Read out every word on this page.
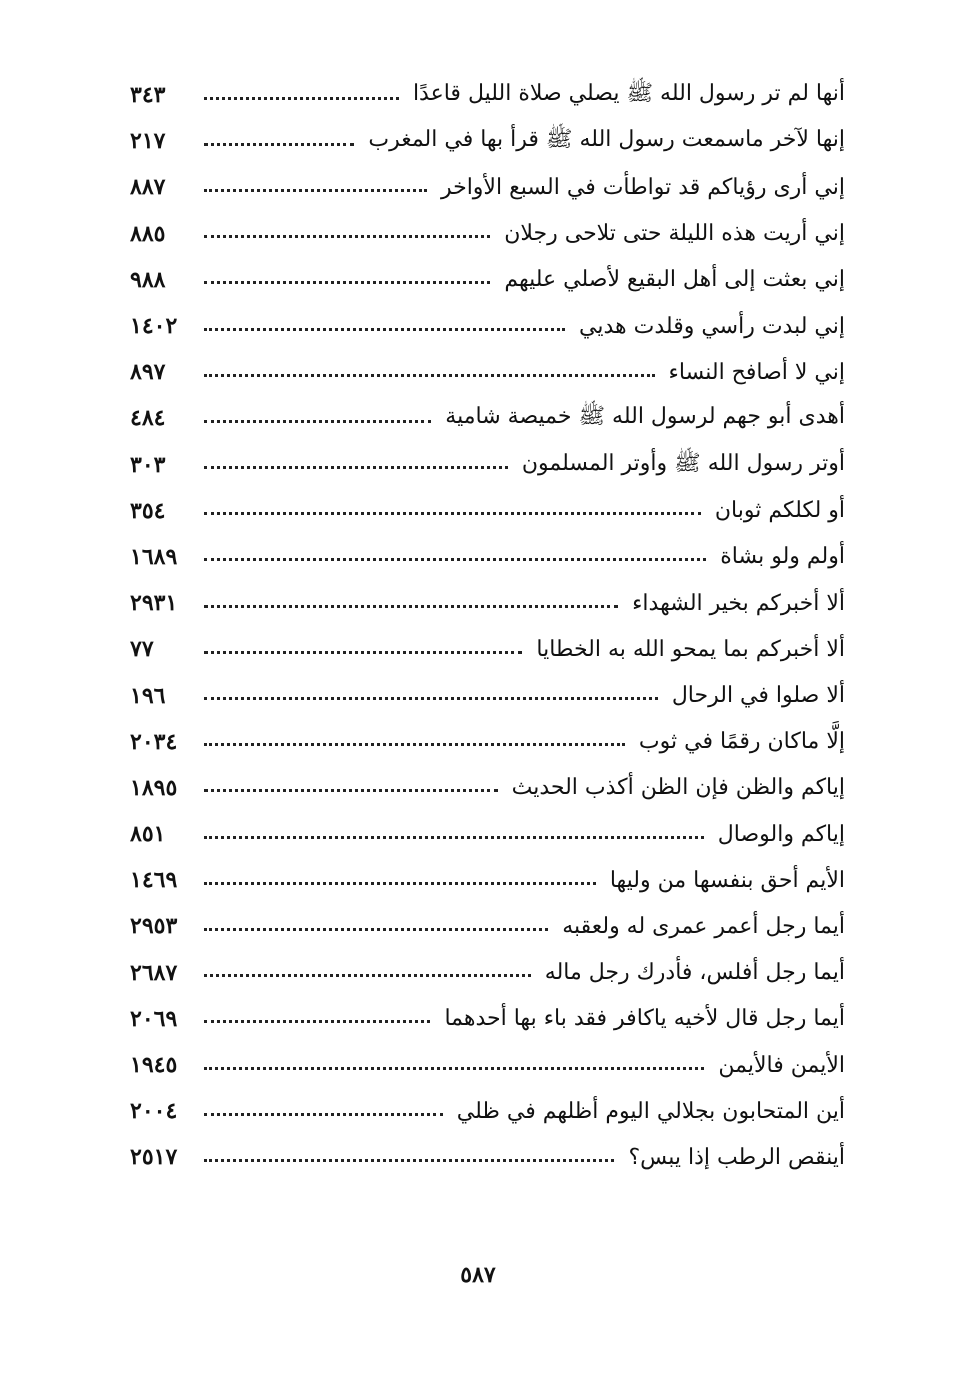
أنها لم تر رسول الله ﷺ يصلي صلاة الليل قاعدًا
٣٤٣
إنها لآخر ماسمعت رسول الله ﷺ قرأ بها في المغرب
٢١٧
إني أرى رؤياكم قد تواطأت في السبع الأواخر
٨٨٧
إني أريت هذه الليلة حتى تلاحى رجلان
٨٨٥
إني بعثت إلى أهل البقيع لأصلي عليهم
٩٨٨
إني لبدت رأسي وقلدت هديي
١٤٠٢
إني لا أصافح النساء
٨٩٧
أهدى أبو جهم لرسول الله ﷺ خميصة شامية
٤٨٤
أوتر رسول الله ﷺ وأوتر المسلمون
٣٠٣
أو لكلكم ثوبان
٣٥٤
أولم ولو بشاة
١٦٨٩
ألا أخبركم بخير الشهداء
٢٩٣١
ألا أخبركم بما يمحو الله به الخطايا
٧٧
ألا صلوا في الرحال
١٩٦
إلَّا ماكان رقمًا في ثوب
٢٠٣٤
إياكم والظن فإن الظن أكذب الحديث
١٨٩٥
إياكم والوصال
٨٥١
الأيم أحق بنفسها من وليها
١٤٦٩
أيما رجل أعمر عمرى له ولعقبه
٢٩٥٣
أيما رجل أفلس، فأدرك رجل ماله
٢٦٨٧
أيما رجل قال لأخيه ياكافر فقد باء بها أحدهما
٢٠٦٩
الأيمن فالأيمن
١٩٤٥
أين المتحابون بجلالي اليوم أظلهم في ظلي
٢٠٠٤
أينقص الرطب إذا يبس؟
٢٥١٧
٥٨٧
